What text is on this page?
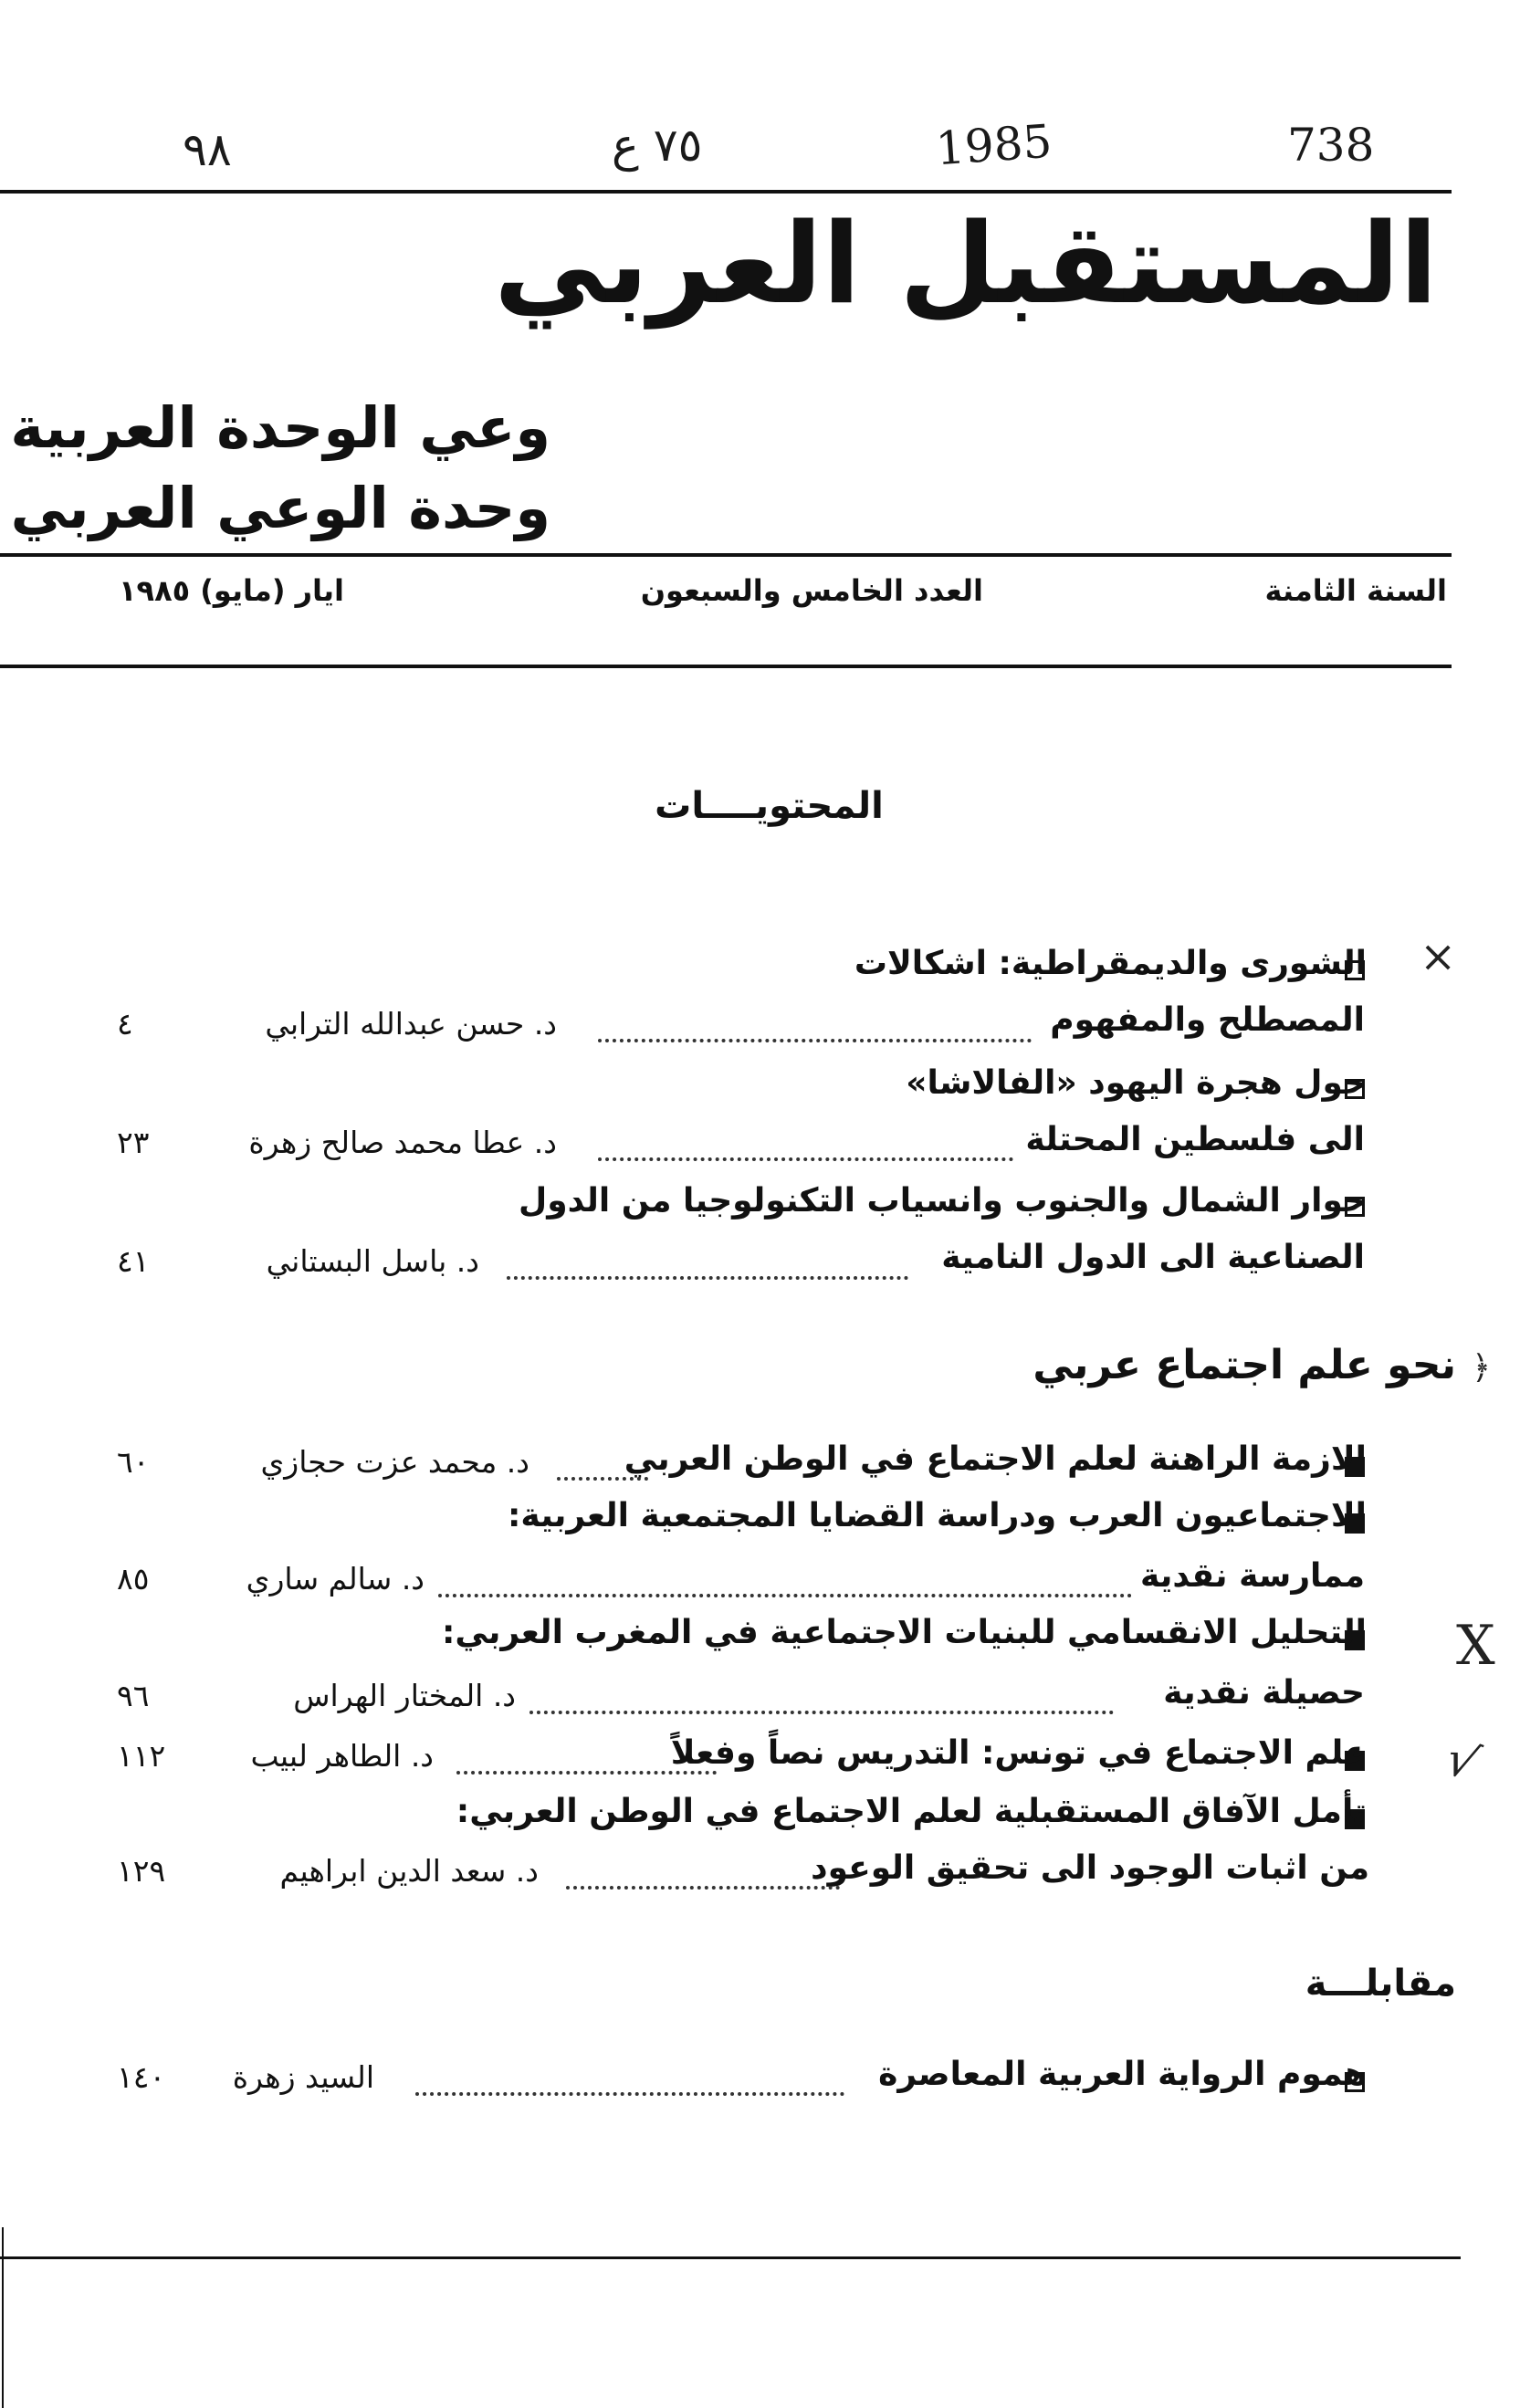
738
1985
٧٥ ع
٩٨
المستقبل العربي
وعي الوحدة العربية
وحدة الوعي العربي
السنة الثامنة
العدد الخامس والسبعون
ايار (مايو) ١٩٨٥
المحتويــــات
×
الشورى والديمقراطية: اشكالات
المصطلح والمفهوم
د. حسن عبدالله الترابي
٤
حول هجرة اليهود «الفالاشا»
الى فلسطين المحتلة
د. عطا محمد صالح زهرة
٢٣
حوار الشمال والجنوب وانسياب التكنولوجيا من الدول
الصناعية الى الدول النامية
د. باسل البستاني
٤١
﴿
نحو علم اجتماع عربي
الازمة الراهنة لعلم الاجتماع في الوطن العربي
د. محمد عزت حجازي
٦٠
الاجتماعيون العرب ودراسة القضايا المجتمعية العربية:
ممارسة نقدية
د. سالم ساري
٨٥
X
التحليل الانقسامي للبنيات الاجتماعية في المغرب العربي:
حصيلة نقدية
د. المختار الهراس
٩٦
√
علم الاجتماع في تونس: التدريس نصاً وفعلاً
د. الطاهر لبيب
١١٢
تأمل الآفاق المستقبلية لعلم الاجتماع في الوطن العربي:
من اثبات الوجود الى تحقيق الوعود
د. سعد الدين ابراهيم
١٢٩
مقابلـــة
هموم الرواية العربية المعاصرة
السيد زهرة
١٤٠
